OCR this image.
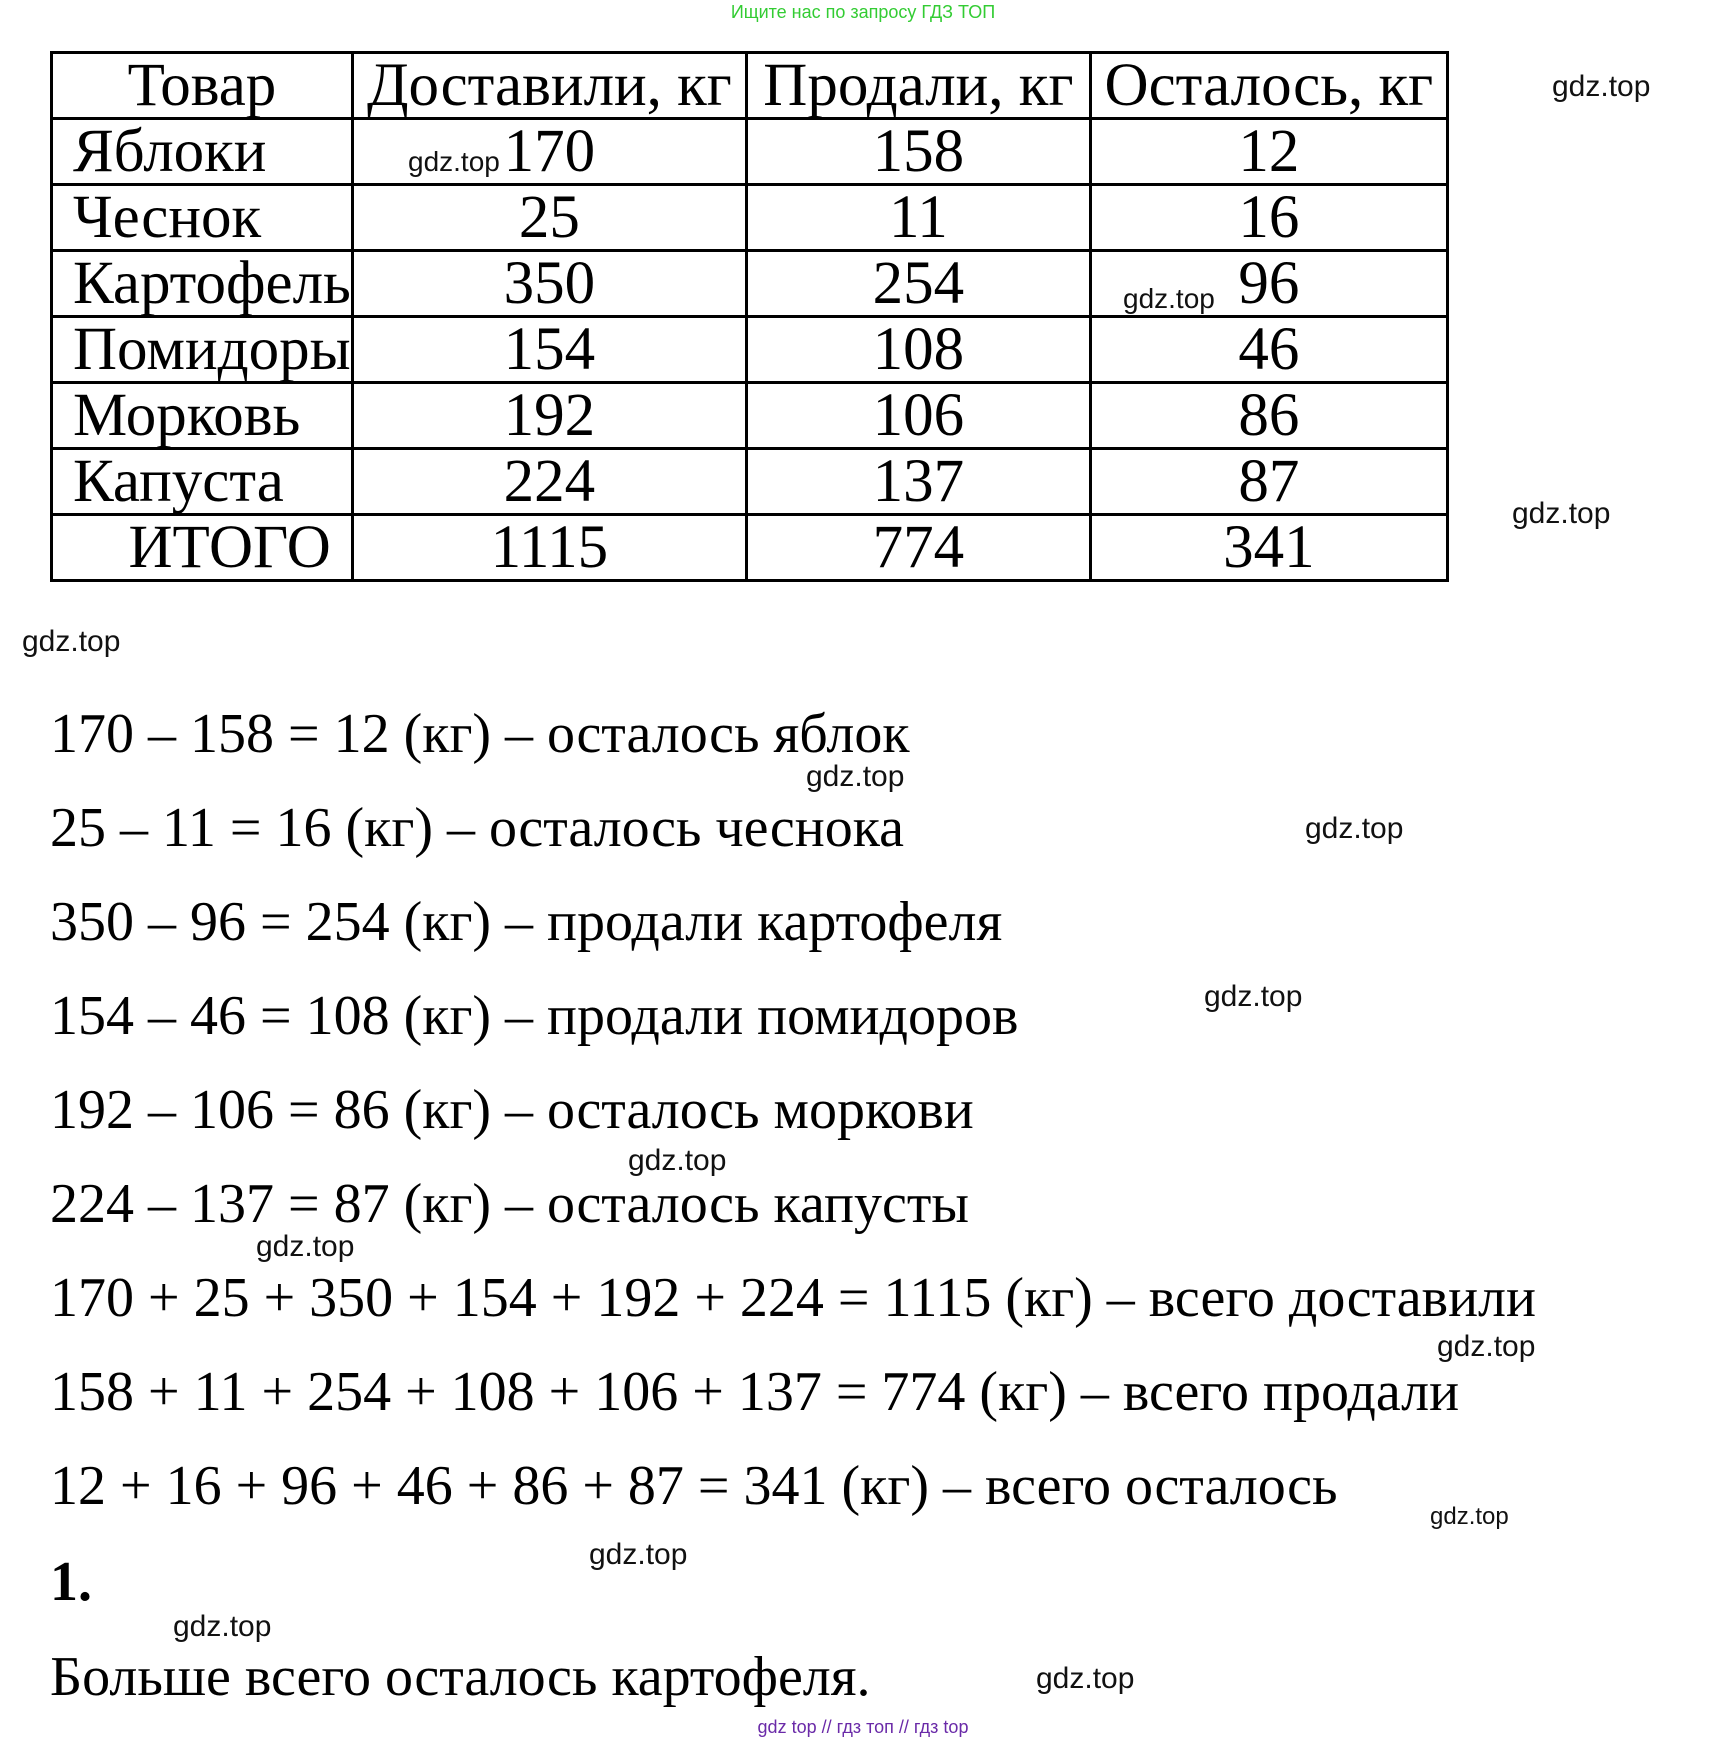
Ищите нас по запросу ГДЗ ТОП
Товар	Доставили, кг	Продали, кг	Осталось, кг
Яблоки	170	158	12
Чеснок	25	11	16
Картофель	350	254	96
Помидоры	154	108	46
Морковь	192	106	86
Капуста	224	137	87
ИТОГО	1115	774	341
170 – 158 = 12 (кг) – осталось яблок
25 – 11 = 16 (кг) – осталось чеснока
350 – 96 = 254 (кг) – продали картофеля
154 – 46 = 108 (кг) – продали помидоров
192 – 106 = 86 (кг) – осталось моркови
224 – 137 = 87 (кг) – осталось капусты
170 + 25 + 350 + 154 + 192 + 224 = 1115 (кг) – всего доставили
158 + 11 + 254 + 108 + 106 + 137 = 774 (кг) – всего продали
12 + 16 + 96 + 46 + 86 + 87 = 341 (кг) – всего осталось
1.
Больше всего осталось картофеля.
gdz.top
gdz.top
gdz.top
gdz.top
gdz.top
gdz.top
gdz.top
gdz.top
gdz.top
gdz.top
gdz.top
gdz.top
gdz.top
gdz.top
gdz.top
gdz top // гдз топ // гдз top
